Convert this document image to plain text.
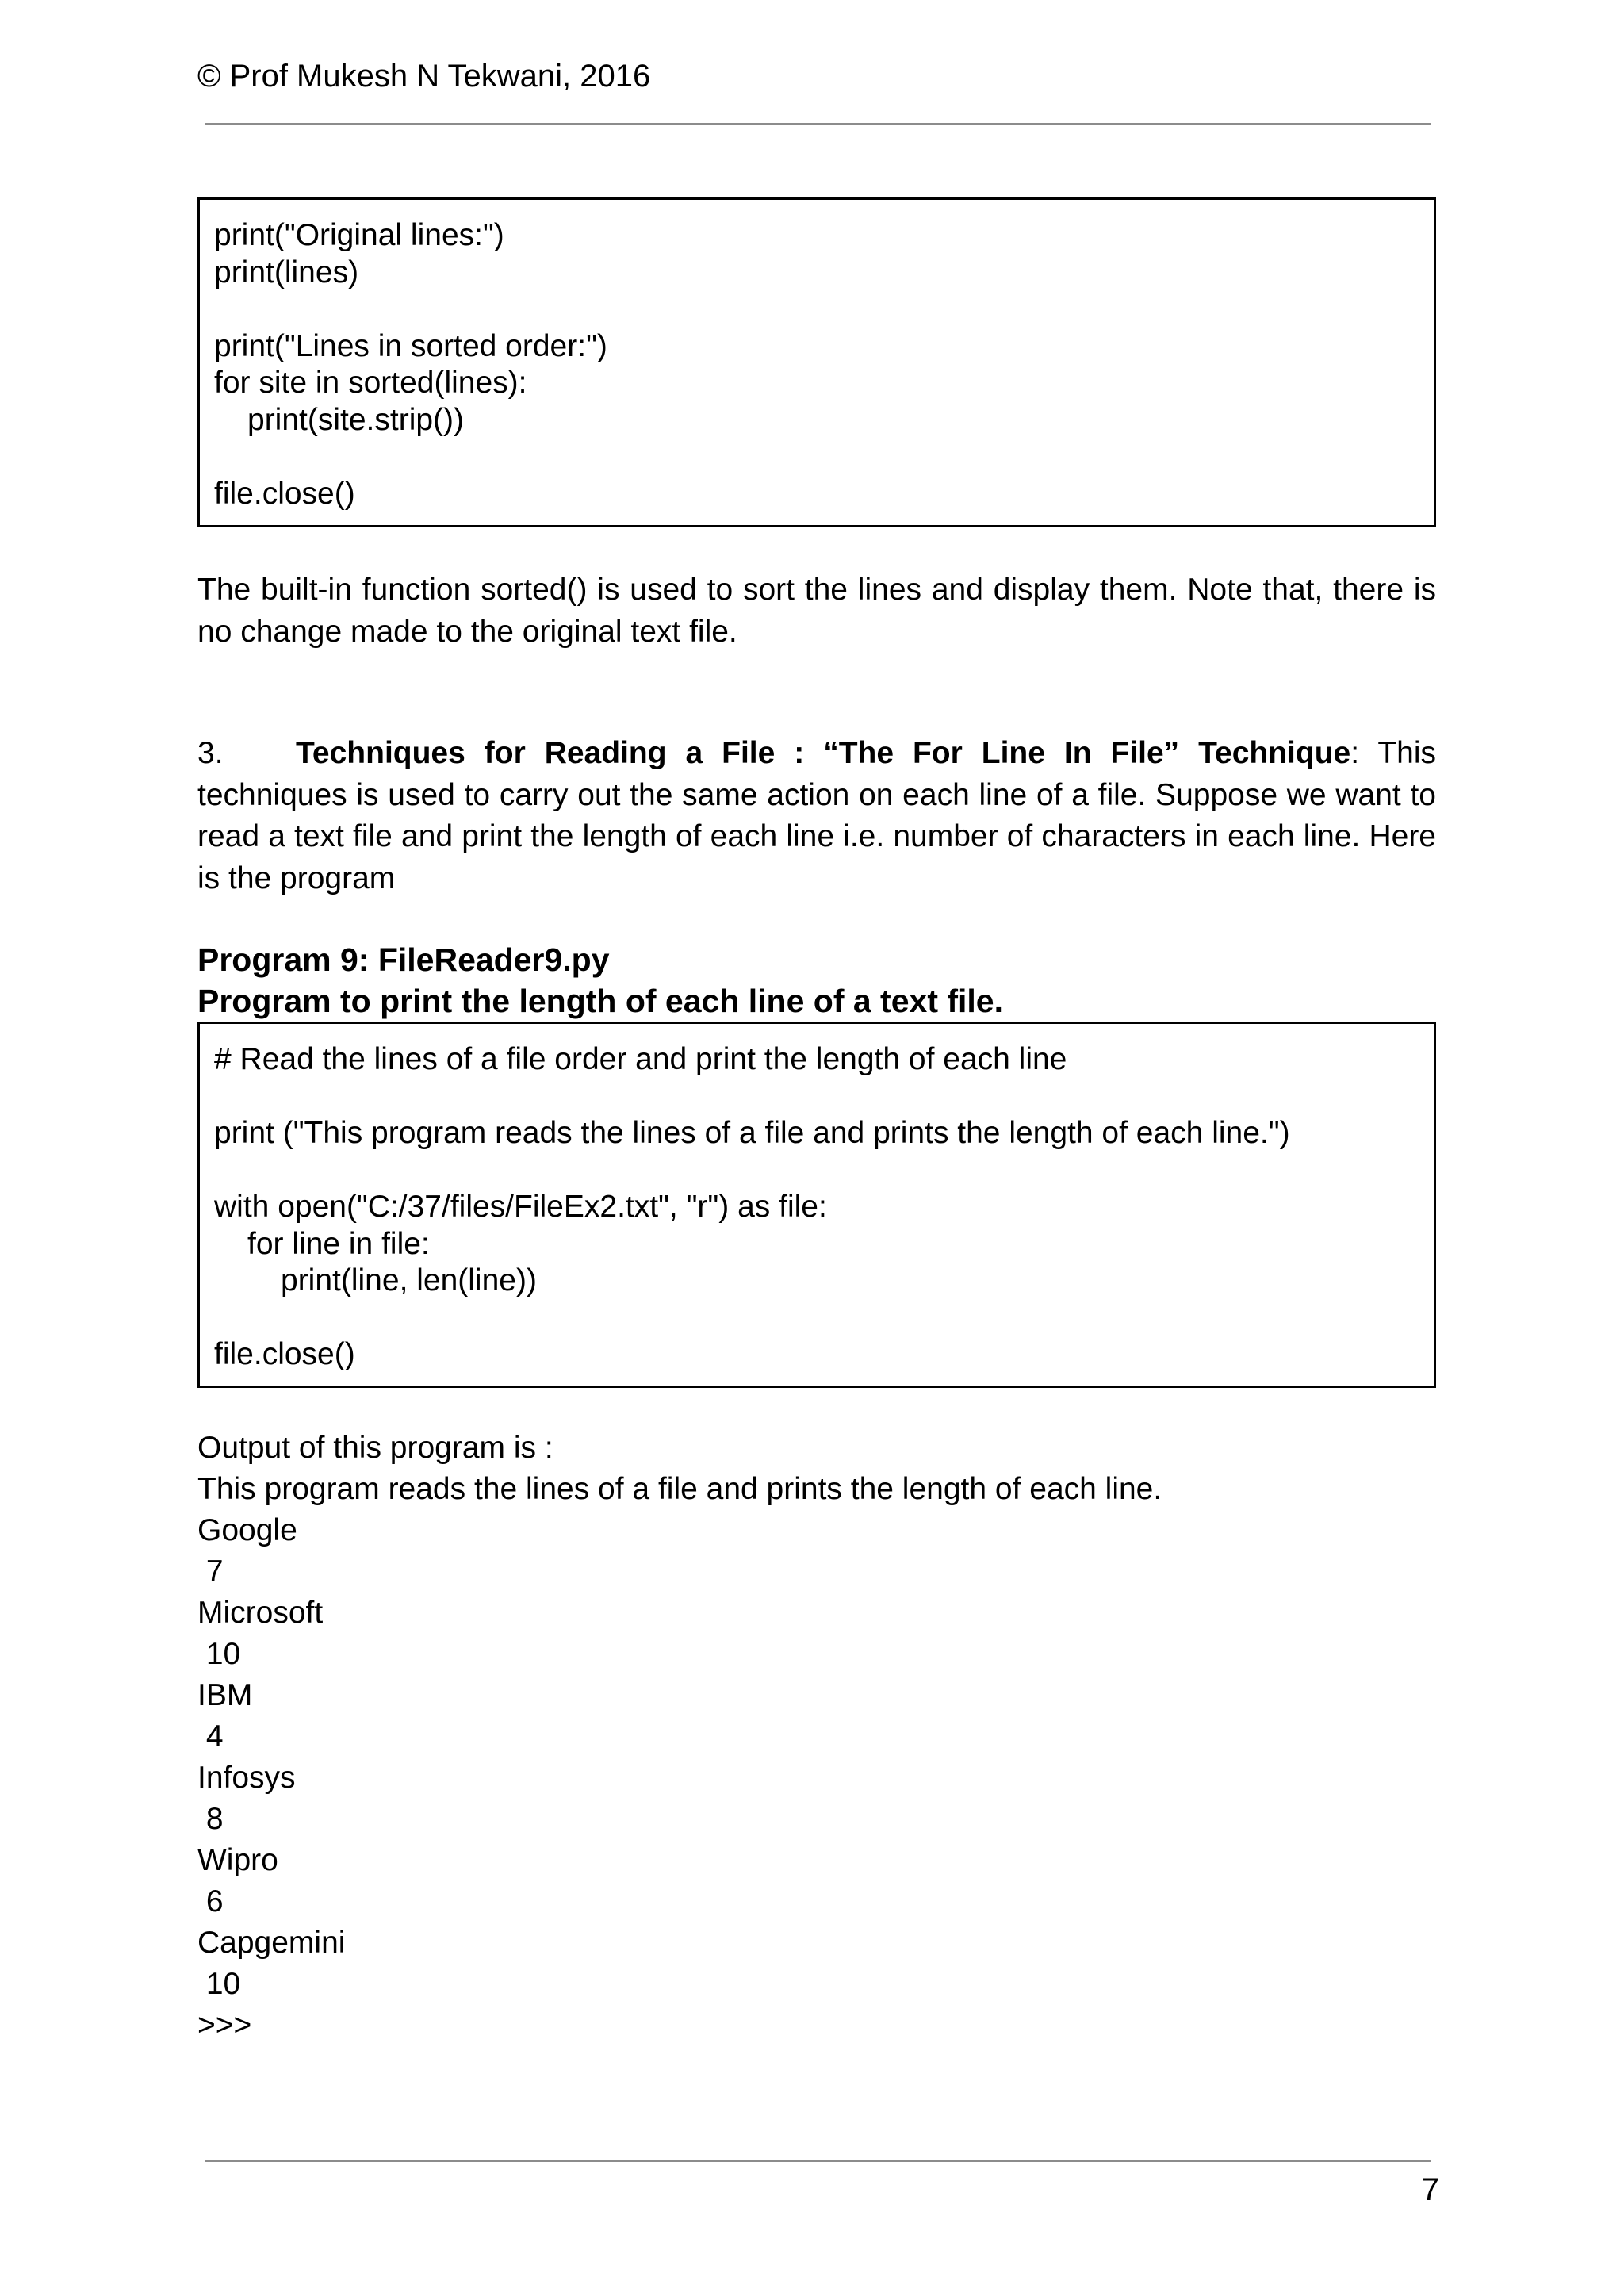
© Prof Mukesh N Tekwani, 2016
print("Original lines:")
print(lines)
print("Lines in sorted order:")
for site in sorted(lines):
print(site.strip())
file.close()
The built-in function sorted() is used to sort the lines and display them. Note that, there is no change made to the original text file.
3. Techniques for Reading a File : “The For Line In File” Technique: This techniques is used to carry out the same action on each line of a file. Suppose we want to read a text file and print the length of each line i.e. number of characters in each line. Here is the program
Program 9: FileReader9.py
Program to print the length of each line of a text file.
# Read the lines of a file order and print the length of each line
print ("This program reads the lines of a file and prints the length of each line.")
with open("C:/37/files/FileEx2.txt", "r") as file:
for line in file:
print(line, len(line))
file.close()
Output of this program is :
This program reads the lines of a file and prints the length of each line.
Google
7
Microsoft
10
IBM
4
Infosys
8
Wipro
6
Capgemini
10
>>>
7
